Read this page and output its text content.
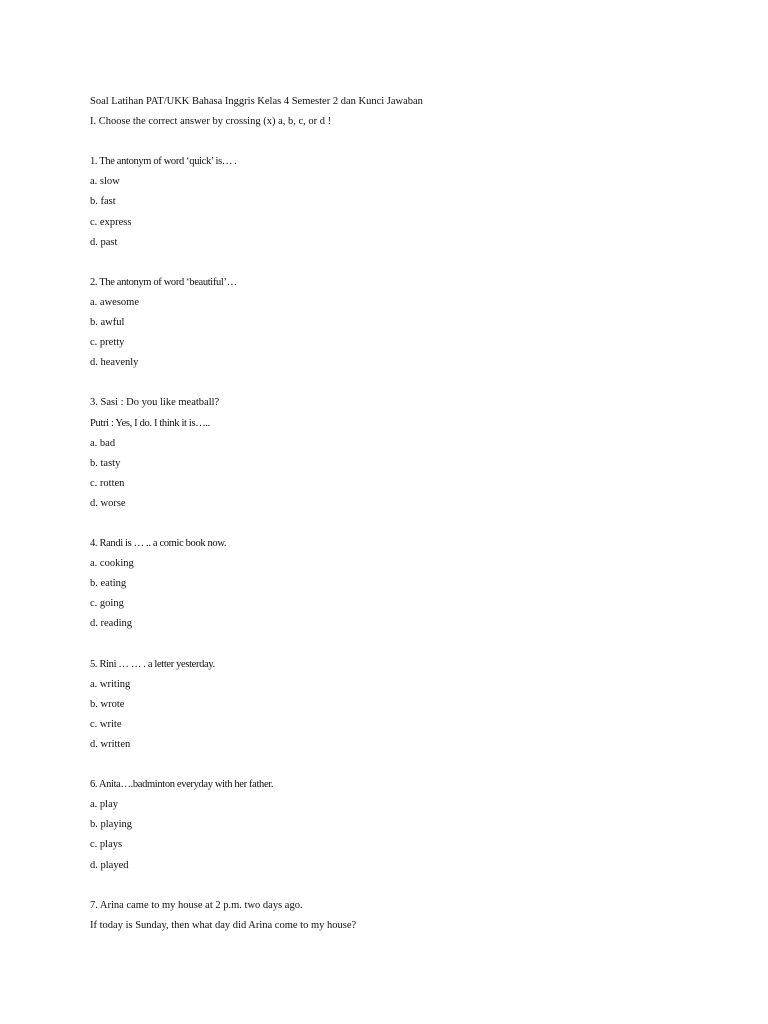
Soal Latihan PAT/UKK Bahasa Inggris Kelas 4 Semester 2 dan Kunci Jawaban
I. Choose the correct answer by crossing (x) a, b, c, or d !
1. The antonym of word ‘quick’ is… .
a. slow
b. fast
c. express
d. past
2. The antonym of word ‘beautiful’…
a. awesome
b. awful
c. pretty
d. heavenly
3. Sasi : Do you like meatball?
Putri : Yes, I do. I think it is…..
a. bad
b. tasty
c. rotten
d. worse
4. Randi is … .. a comic book now.
a. cooking
b. eating
c. going
d. reading
5. Rini … … . a letter yesterday.
a. writing
b. wrote
c. write
d. written
6. Anita….badminton everyday with her father.
a. play
b. playing
c. plays
d. played
7. Arina came to my house at 2 p.m. two days ago.
If today is Sunday, then what day did Arina come to my house?
